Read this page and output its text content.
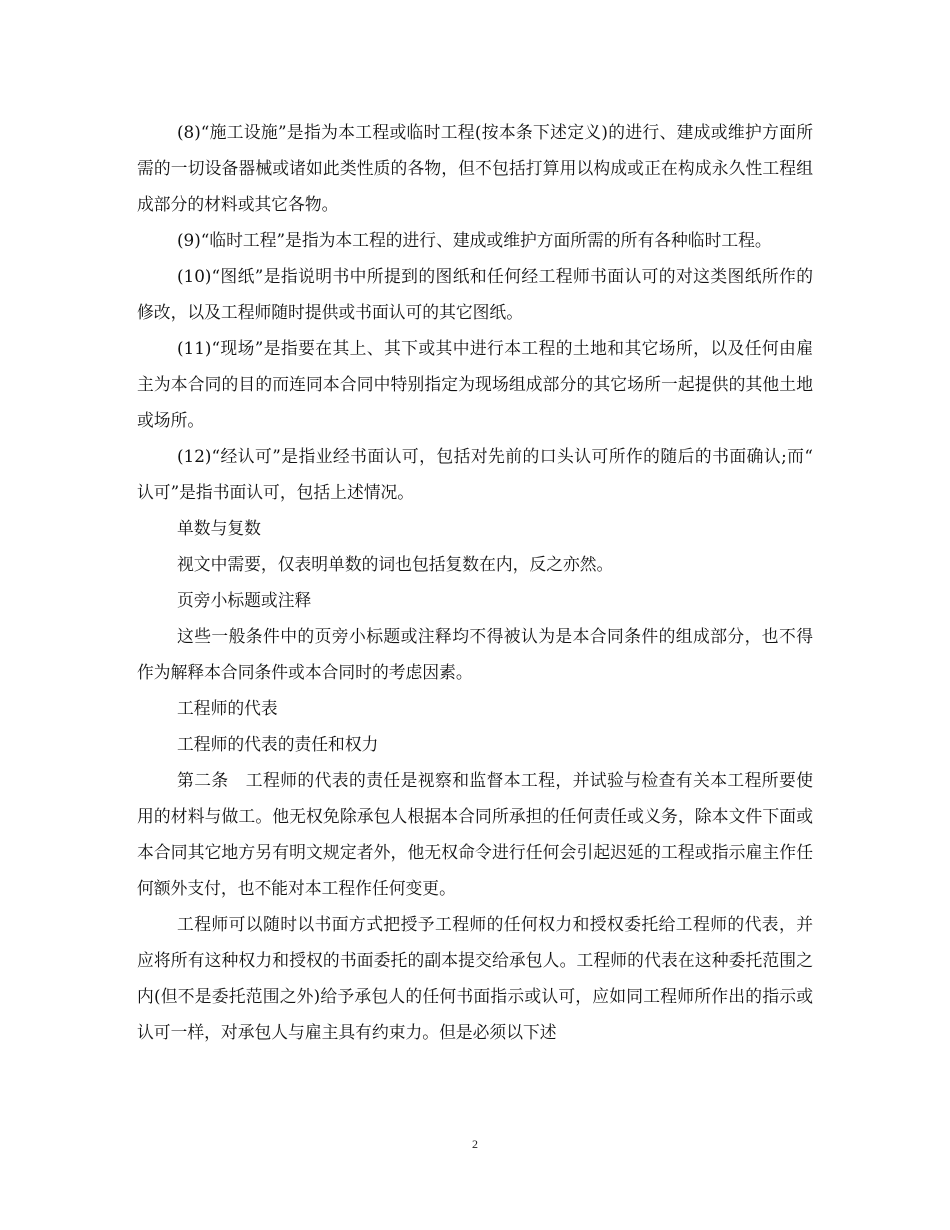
(8)“施工设施”是指为本工程或临时工程(按本条下述定义)的进行、建成或维护方面所需的一切设备器械或诸如此类性质的各物，但不包括打算用以构成或正在构成永久性工程组成部分的材料或其它各物。

(9)“临时工程”是指为本工程的进行、建成或维护方面所需的所有各种临时工程。

(10)“图纸”是指说明书中所提到的图纸和任何经工程师书面认可的对这类图纸所作的修改，以及工程师随时提供或书面认可的其它图纸。

(11)“现场”是指要在其上、其下或其中进行本工程的土地和其它场所，以及任何由雇主为本合同的目的而连同本合同中特别指定为现场组成部分的其它场所一起提供的其他土地或场所。

(12)“经认可”是指业经书面认可，包括对先前的口头认可所作的随后的书面确认;而“认可”是指书面认可，包括上述情况。

单数与复数

视文中需要，仅表明单数的词也包括复数在内，反之亦然。

页旁小标题或注释

这些一般条件中的页旁小标题或注释均不得被认为是本合同条件的组成部分，也不得作为解释本合同条件或本合同时的考虑因素。

工程师的代表

工程师的代表的责任和权力

第二条　工程师的代表的责任是视察和监督本工程，并试验与检查有关本工程所要使用的材料与做工。他无权免除承包人根据本合同所承担的任何责任或义务，除本文件下面或本合同其它地方另有明文规定者外，他无权命令进行任何会引起迟延的工程或指示雇主作任何额外支付，也不能对本工程作任何变更。

工程师可以随时以书面方式把授予工程师的任何权力和授权委托给工程师的代表，并应将所有这种权力和授权的书面委托的副本提交给承包人。工程师的代表在这种委托范围之内(但不是委托范围之外)给予承包人的任何书面指示或认可，应如同工程师所作出的指示或认可一样，对承包人与雇主具有约束力。但是必须以下述

2
